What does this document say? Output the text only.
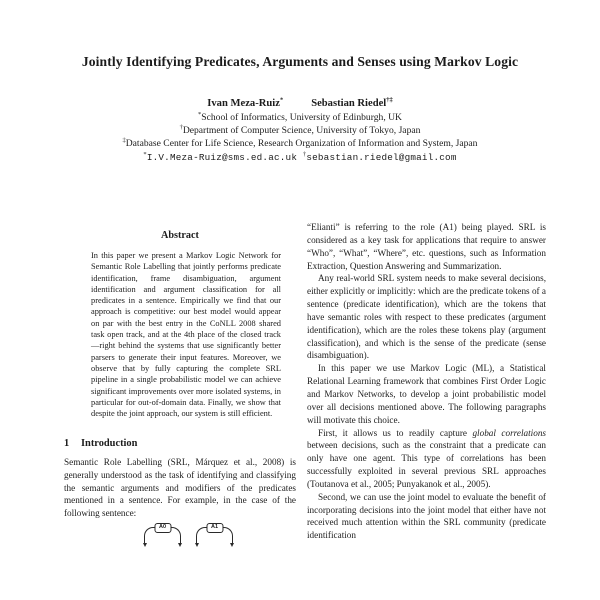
Jointly Identifying Predicates, Arguments and Senses using Markov Logic
Ivan Meza-Ruiz*	Sebastian Riedel†‡
*School of Informatics, University of Edinburgh, UK
†Department of Computer Science, University of Tokyo, Japan
‡Database Center for Life Science, Research Organization of Information and System, Japan
*I.V.Meza-Ruiz@sms.ed.ac.uk †sebastian.riedel@gmail.com
Abstract
In this paper we present a Markov Logic Network for Semantic Role Labelling that jointly performs predicate identification, frame disambiguation, argument identification and argument classification for all predicates in a sentence. Empirically we find that our approach is competitive: our best model would appear on par with the best entry in the CoNLL 2008 shared task open track, and at the 4th place of the closed track—right behind the systems that use significantly better parsers to generate their input features. Moreover, we observe that by fully capturing the complete SRL pipeline in a single probabilistic model we can achieve significant improvements over more isolated systems, in particular for out-of-domain data. Finally, we show that despite the joint approach, our system is still efficient.
1 Introduction
Semantic Role Labelling (SRL, Márquez et al., 2008) is generally understood as the task of identifying and classifying the semantic arguments and modifiers of the predicates mentioned in a sentence. For example, in the case of the following sentence:
A0
	A1

“Elianti” is referring to the role (A1) being played. SRL is considered as a key task for applications that require to answer “Who”, “What”, “Where”, etc. questions, such as Information Extraction, Question Answering and Summarization.

Any real-world SRL system needs to make several decisions, either explicitly or implicitly: which are the predicate tokens of a sentence (predicate identification), which are the tokens that have semantic roles with respect to these predicates (argument identification), which are the roles these tokens play (argument classification), and which is the sense of the predicate (sense disambiguation).

In this paper we use Markov Logic (ML), a Statistical Relational Learning framework that combines First Order Logic and Markov Networks, to develop a joint probabilistic model over all decisions mentioned above. The following paragraphs will motivate this choice.

First, it allows us to readily capture global correlations between decisions, such as the constraint that a predicate can only have one agent. This type of correlations has been successfully exploited in several previous SRL approaches (Toutanova et al., 2005; Punyakanok et al., 2005).

Second, we can use the joint model to evaluate the benefit of incorporating decisions into the joint model that either have not received much attention within the SRL community (predicate identification
